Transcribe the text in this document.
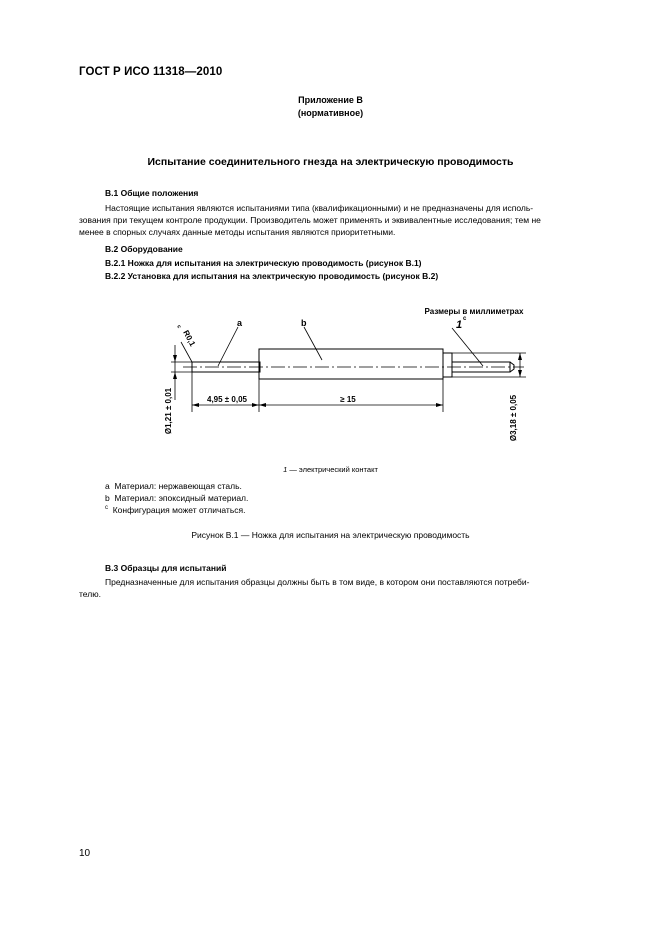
ГОСТ Р ИСО 11318—2010
Приложение В
(нормативное)
Испытание соединительного гнезда на электрическую проводимость
В.1 Общие положения

Настоящие испытания являются испытаниями типа (квалификационными) и не предназначены для исполь-

зования при текущем контроле продукции. Производитель может применять и эквивалентные исследования; тем не

менее в спорных случаях данные методы испытания являются приоритетными.

В.2 Оборудование
В.2.1 Ножка для испытания на электрическую проводимость (рисунок В.1)
В.2.2 Установка для испытания на электрическую проводимость (рисунок В.2)
Размеры в миллиметрах
1 c
a	b
R0,1
c
4,95 ± 0,05	≥ 15
Ø1,21 ± 0,01	Ø3,18 ± 0,05
1 — электрический контакт
a Материал: нержавеющая сталь.
b Материал: эпоксидный материал.
$^c$ Конфигурация может отличаться.
Рисунок В.1 — Ножка для испытания на электрическую проводимость
В.3 Образцы для испытаний

Предназначенные для испытания образцы должны быть в том виде, в котором они поставляются потреби-

телю.

10
